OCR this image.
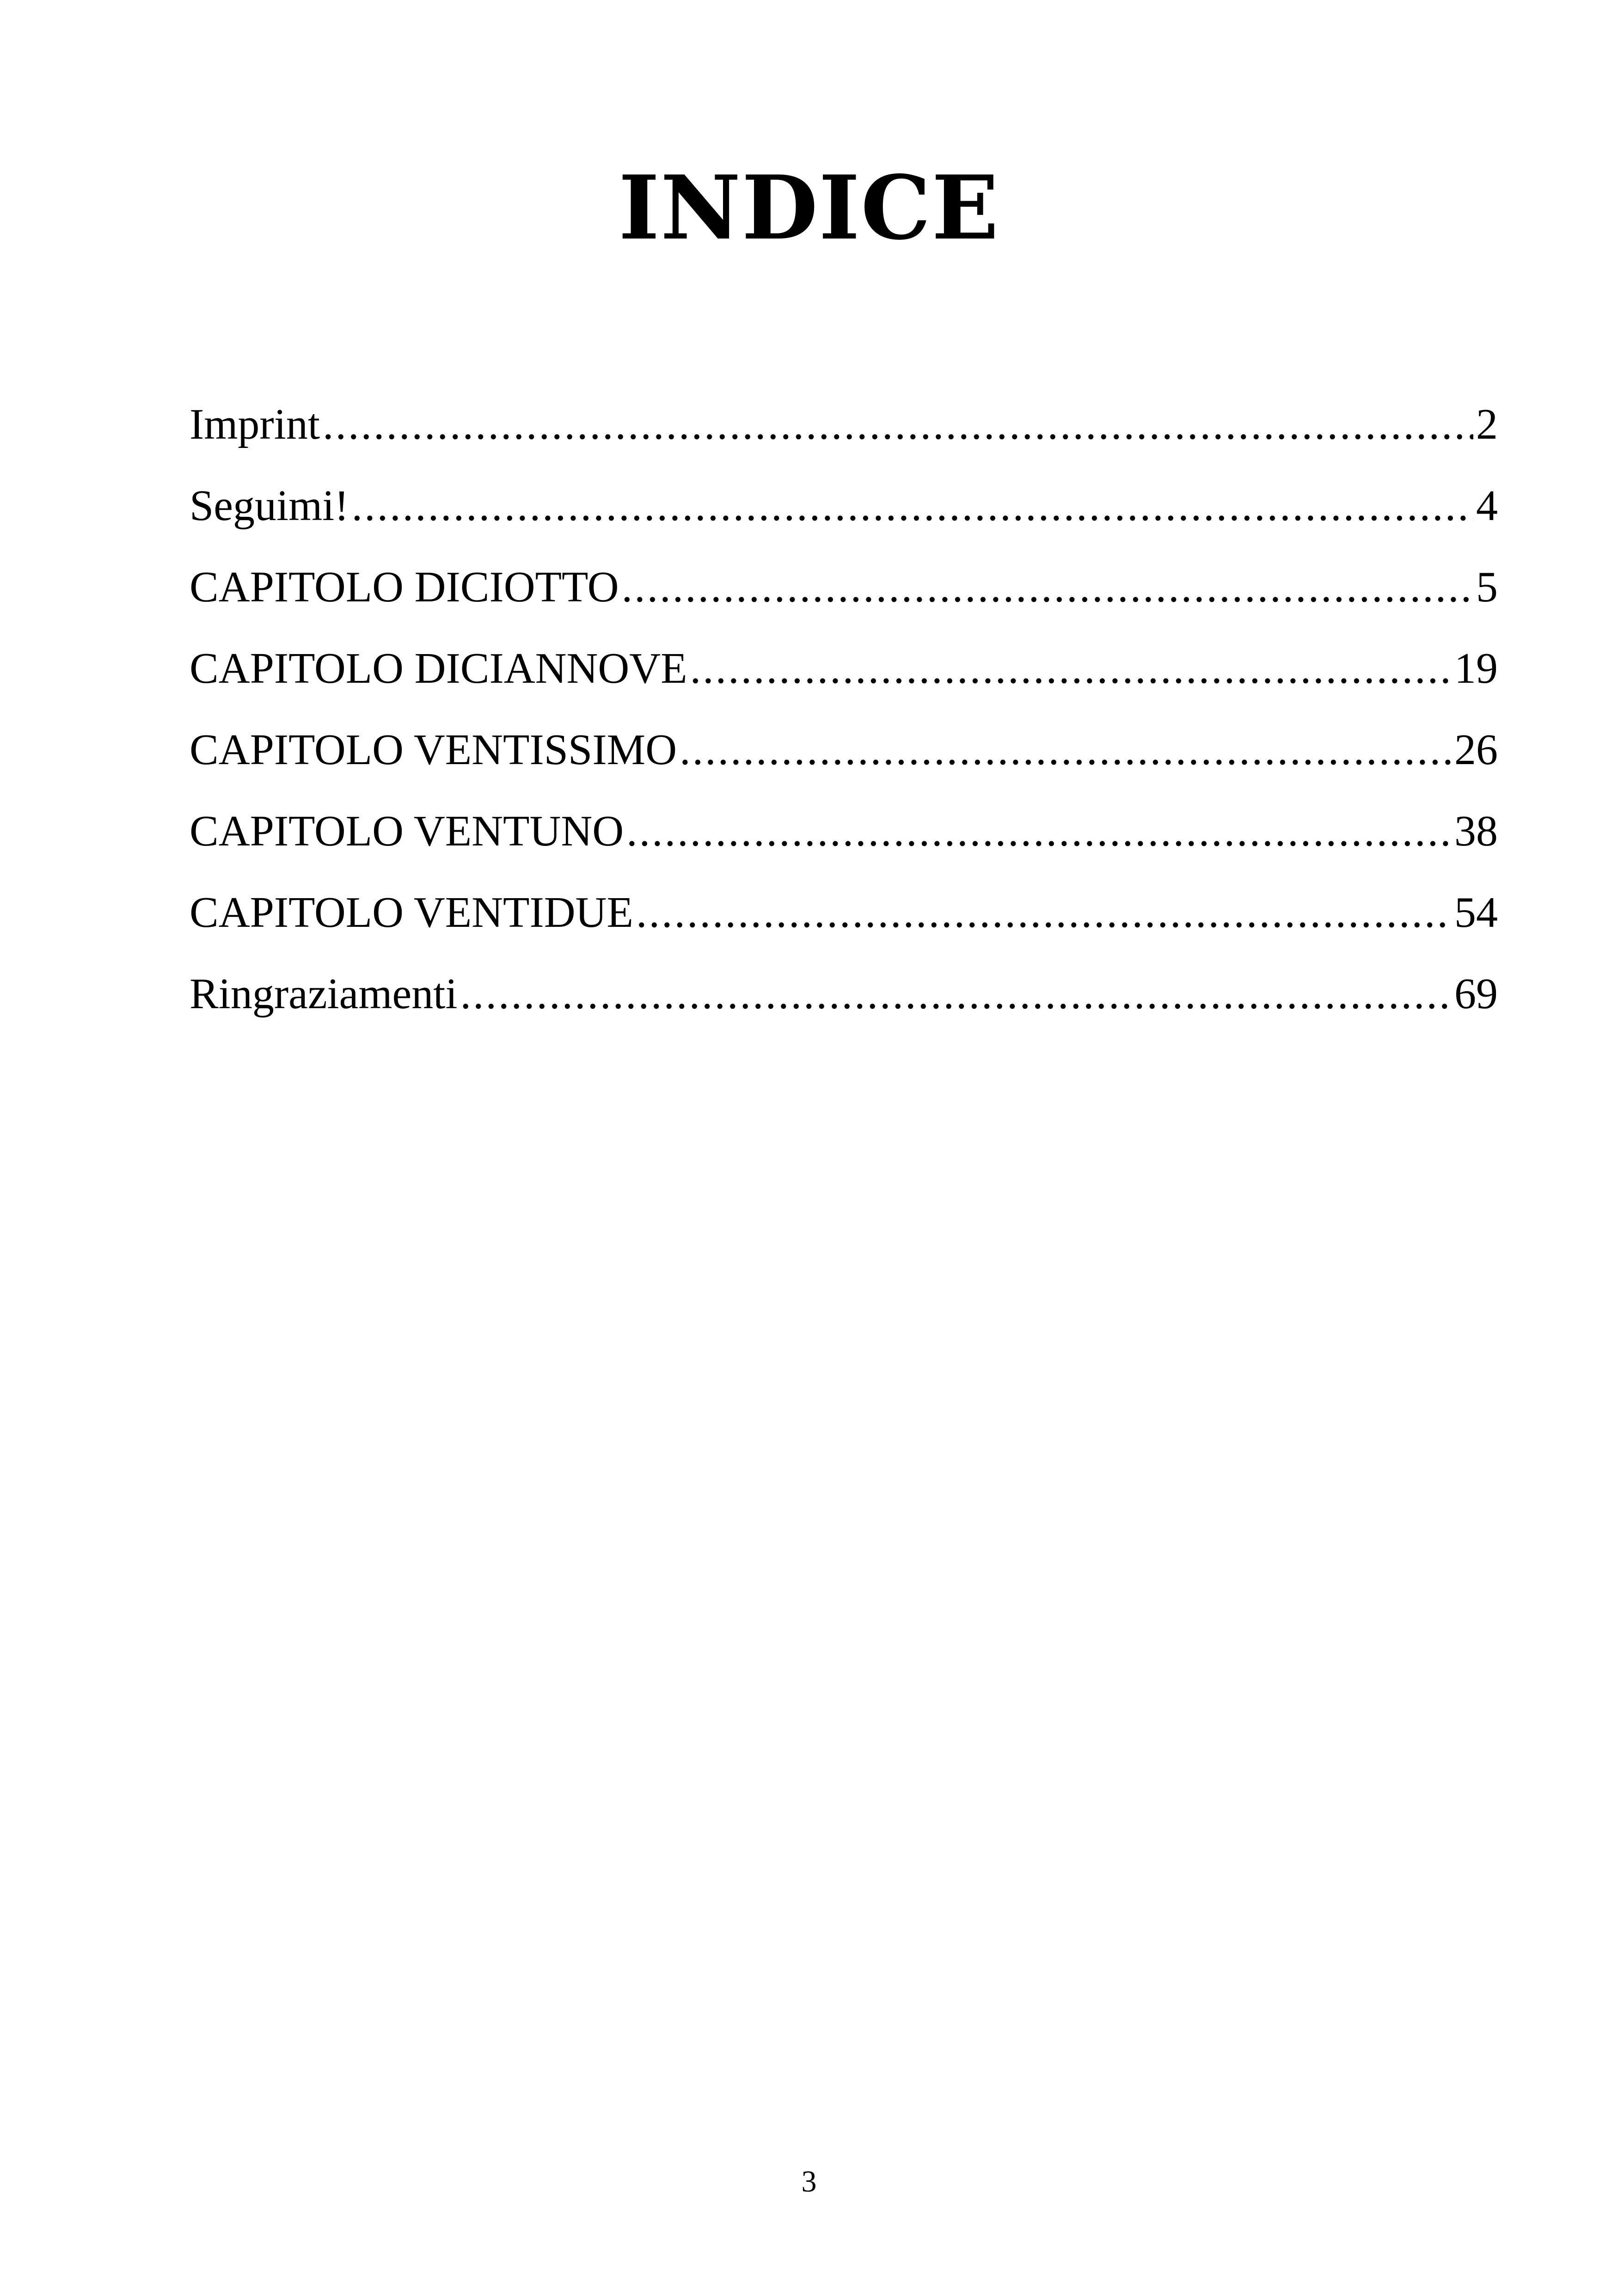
INDICE
Imprint .....	2
Seguimi! .....	4
CAPITOLO DICIOTTO .....	5
CAPITOLO DICIANNOVE .....	19
CAPITOLO VENTISSIMO .....	26
CAPITOLO VENTUNO .....	38
CAPITOLO VENTIDUE .....	54
Ringraziamenti .....	69
3
